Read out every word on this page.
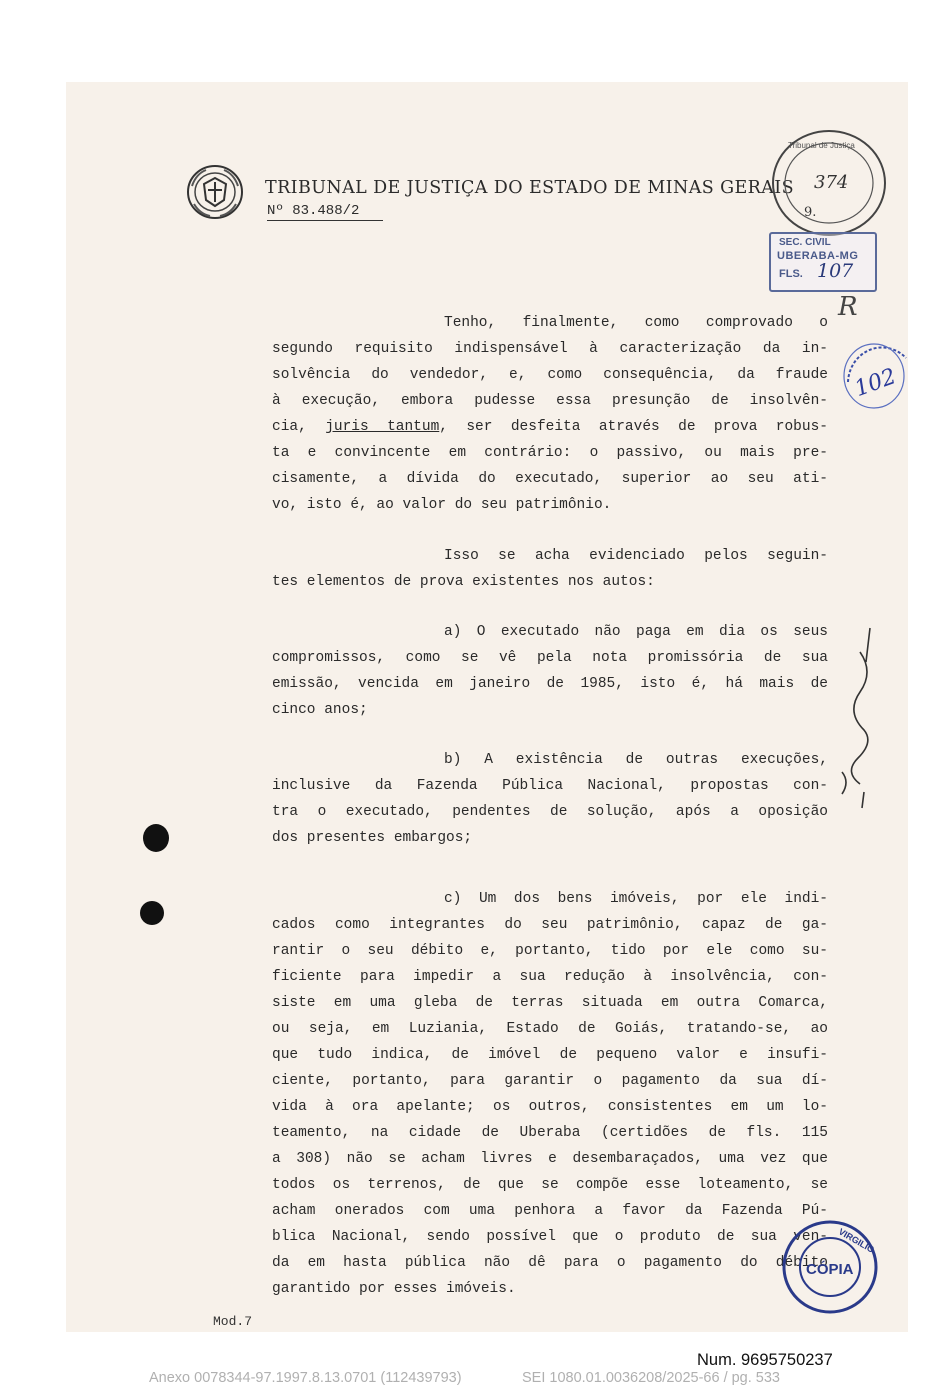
TRIBUNAL DE JUSTIÇA DO ESTADO DE MINAS GERAIS
Nº 83.488/2
Tribunal de Justiça
374
9.
SEC. CIVIL
UBERABA-MG
FLS. 107
R
102
Tenho, finalmente, como comprovado o
segundo requisito indispensável à caracterização da in-
solvência do vendedor, e, como consequência, da fraude
à execução, embora pudesse essa presunção de insolvên-
cia, juris tantum, ser desfeita através de prova robus-
ta e convincente em contrário: o passivo, ou mais pre-
cisamente, a dívida do executado, superior ao seu ati-
vo, isto é, ao valor do seu patrimônio.
Isso se acha evidenciado pelos seguin-
tes elementos de prova existentes nos autos:
a) O executado não paga em dia os seus
compromissos, como se vê pela nota promissória de sua
emissão, vencida em janeiro de 1985, isto é, há mais de
cinco anos;
b) A existência de outras execuções,
inclusive da Fazenda Pública Nacional, propostas con-
tra o executado, pendentes de solução, após a oposição
dos presentes embargos;
c) Um dos bens imóveis, por ele indi-
cados como integrantes do seu patrimônio, capaz de ga-
rantir o seu débito e, portanto, tido por ele como su-
ficiente para impedir a sua redução à insolvência, con-
siste em uma gleba de terras situada em outra Comarca,
ou seja, em Luziania, Estado de Goiás, tratando-se, ao
que tudo indica, de imóvel de pequeno valor e insufi-
ciente, portanto, para garantir o pagamento da sua dí-
vida à ora apelante; os outros, consistentes em um lo-
teamento, na cidade de Uberaba (certidões de fls. 115
a 308) não se acham livres e desembaraçados, uma vez que
todos os terrenos, de que se compõe esse loteamento, se
acham onerados com uma penhora a favor da Fazenda Pú-
blica Nacional, sendo possível que o produto de sua ven-
da em hasta pública não dê para o pagamento do débito
garantido por esses imóveis.
VIRGILIO
CÓPIA
Mod.7
Num. 9695750237
Anexo 0078344-97.1997.8.13.0701 (112439793)	SEI 1080.01.0036208/2025-66 / pg. 533
